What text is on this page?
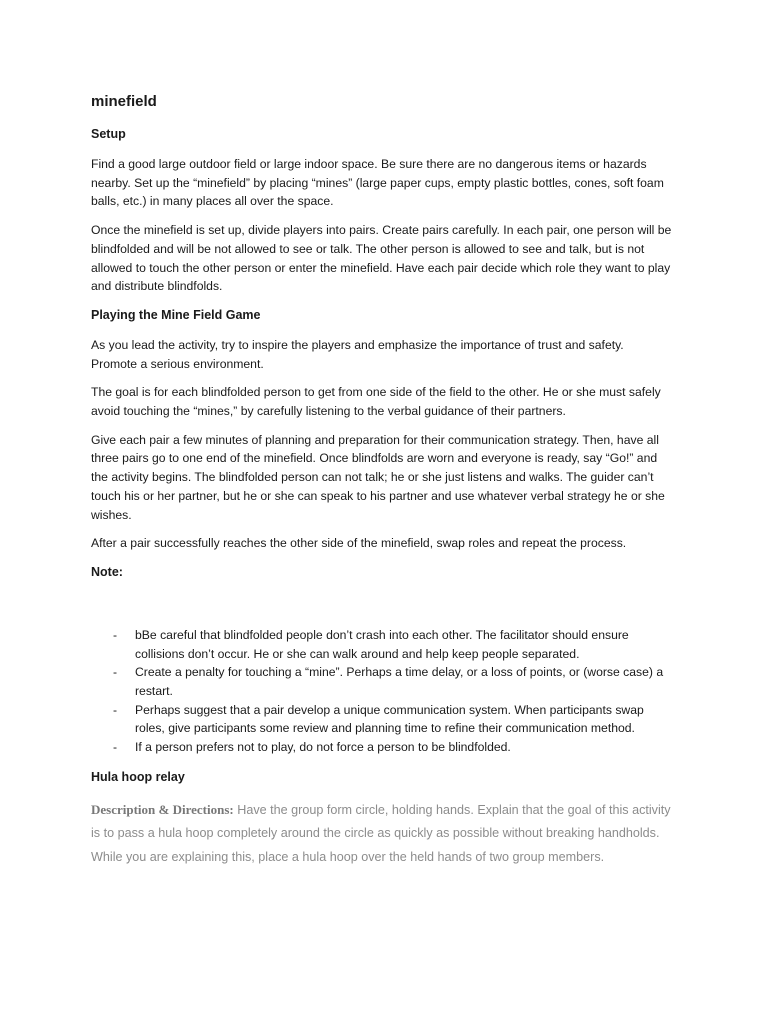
minefield
Setup

Find a good large outdoor field or large indoor space. Be sure there are no dangerous items or hazards nearby. Set up the “minefield” by placing “mines” (large paper cups, empty plastic bottles, cones, soft foam balls, etc.) in many places all over the space.

Once the minefield is set up, divide players into pairs. Create pairs carefully. In each pair, one person will be blindfolded and will be not allowed to see or talk. The other person is allowed to see and talk, but is not allowed to touch the other person or enter the minefield. Have each pair decide which role they want to play and distribute blindfolds.

Playing the Mine Field Game

As you lead the activity, try to inspire the players and emphasize the importance of trust and safety. Promote a serious environment.

The goal is for each blindfolded person to get from one side of the field to the other. He or she must safely avoid touching the “mines,” by carefully listening to the verbal guidance of their partners.

Give each pair a few minutes of planning and preparation for their communication strategy. Then, have all three pairs go to one end of the minefield. Once blindfolds are worn and everyone is ready, say “Go!” and the activity begins. The blindfolded person can not talk; he or she just listens and walks. The guider can’t touch his or her partner, but he or she can speak to his partner and use whatever verbal strategy he or she wishes.

After a pair successfully reaches the other side of the minefield, swap roles and repeat the process.

Note:
- bBe careful that blindfolded people don’t crash into each other. The facilitator should ensure collisions don’t occur. He or she can walk around and help keep people separated.
- Create a penalty for touching a “mine”. Perhaps a time delay, or a loss of points, or (worse case) a restart.
- Perhaps suggest that a pair develop a unique communication system. When participants swap roles, give participants some review and planning time to refine their communication method.
- If a person prefers not to play, do not force a person to be blindfolded.
Hula hoop relay

Description & Directions: Have the group form circle, holding hands. Explain that the goal of this activity is to pass a hula hoop completely around the circle as quickly as possible without breaking handholds. While you are explaining this, place a hula hoop over the held hands of two group members.
